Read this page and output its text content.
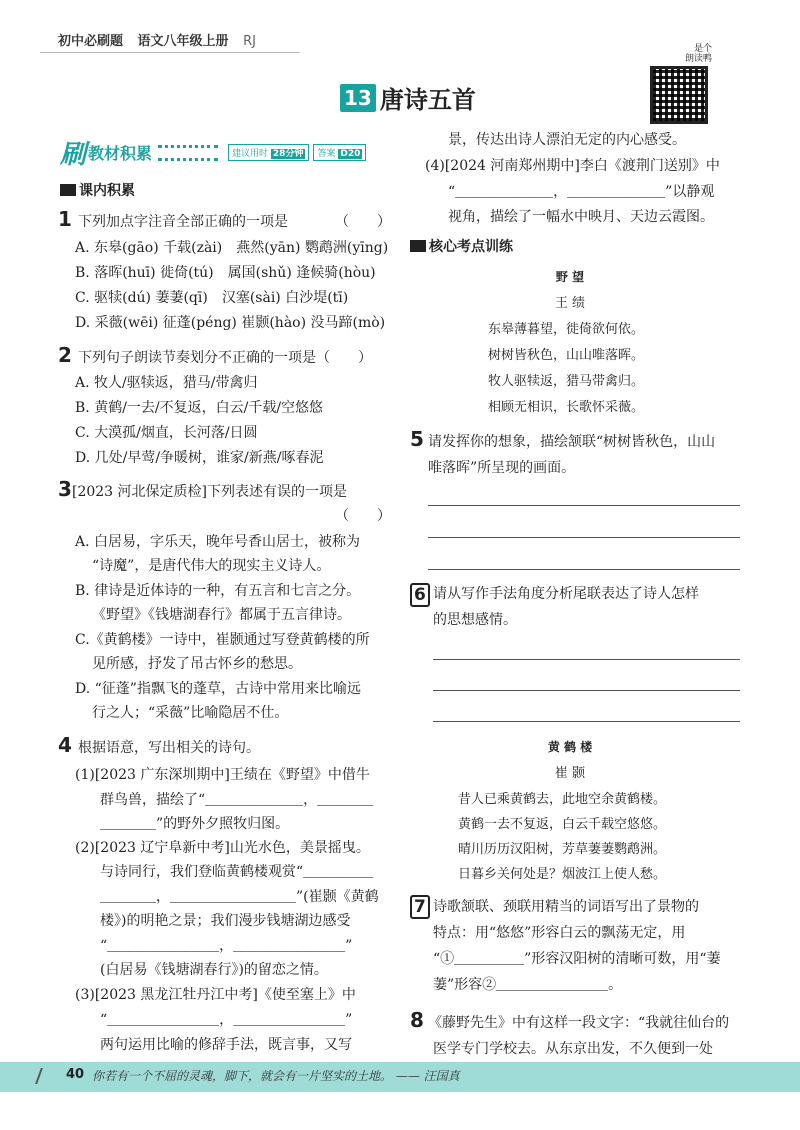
初中必刷题 语文八年级上册 RJ
13 唐诗五首
是个
朗读鸭
刷 教材积累	建议用时 28分钟	答案 D20
课内积累
1 下列加点字注音全部正确的一项是	（　　）
A. 东皋(gāo) 千载(zài)　燕然(yān) 鹦鹉洲(yīng)
B. 落晖(huī) 徙倚(tú)　属国(shǔ) 逢候骑(hòu)
C. 驱犊(dú) 萋萋(qī)　汉塞(sài) 白沙堤(tī)
D. 采薇(wēi) 征蓬(péng) 崔颢(hào) 没马蹄(mò)
2 下列句子朗读节奏划分不正确的一项是（　　）
A. 牧人/驱犊返，猎马/带禽归
B. 黄鹤/一去/不复返，白云/千载/空悠悠
C. 大漠孤/烟直，长河落/日圆
D. 几处/早莺/争暖树，谁家/新燕/啄春泥
3 [2023 河北保定质检]下列表述有误的一项是
（　　）
A. 白居易，字乐天，晚年号香山居士，被称为
“诗魔”，是唐代伟大的现实主义诗人。
B. 律诗是近体诗的一种，有五言和七言之分。
《野望》《钱塘湖春行》都属于五言律诗。
C.《黄鹤楼》一诗中，崔颢通过写登黄鹤楼的所
见所感，抒发了吊古怀乡的愁思。
D. “征蓬”指飘飞的蓬草，古诗中常用来比喻远
行之人；“采薇”比喻隐居不仕。
4 根据语意，写出相关的诗句。
(1)[2023 广东深圳期中]王绩在《野望》中借牛
群鸟兽，描绘了“＿＿＿＿＿＿＿，＿＿＿＿
＿＿＿＿”的野外夕照牧归图。
(2)[2023 辽宁阜新中考]山光水色，美景摇曳。
与诗同行，我们登临黄鹤楼观赏“＿＿＿＿＿
＿＿＿＿，＿＿＿＿＿＿＿＿＿”(崔颢《黄鹤
楼》)的明艳之景；我们漫步钱塘湖边感受
“＿＿＿＿＿＿＿＿，＿＿＿＿＿＿＿＿”
(白居易《钱塘湖春行》)的留恋之情。
(3)[2023 黑龙江牡丹江中考]《使至塞上》中
“＿＿＿＿＿＿＿＿，＿＿＿＿＿＿＿＿”
两句运用比喻的修辞手法，既言事，又写
景，传达出诗人漂泊无定的内心感受。
(4)[2024 河南郑州期中]李白《渡荆门送别》中
“＿＿＿＿＿＿＿，＿＿＿＿＿＿＿”以静观
视角，描绘了一幅水中映月、天边云霞图。
核心考点训练
野 望
王 绩
东皋薄暮望，徙倚欲何依。
树树皆秋色，山山唯落晖。
牧人驱犊返，猎马带禽归。
相顾无相识，长歌怀采薇。
5 请发挥你的想象，描绘颔联“树树皆秋色，山山
唯落晖”所呈现的画面。
6 请从写作手法角度分析尾联表达了诗人怎样
的思想感情。
黄 鹤 楼
崔 颢
昔人已乘黄鹤去，此地空余黄鹤楼。
黄鹤一去不复返，白云千载空悠悠。
晴川历历汉阳树，芳草萋萋鹦鹉洲。
日暮乡关何处是？烟波江上使人愁。
7 诗歌颔联、颈联用精当的词语写出了景物的
特点：用“悠悠”形容白云的飘荡无定，用
“①＿＿＿＿＿”形容汉阳树的清晰可数，用“萋
萋”形容②＿＿＿＿＿＿＿＿。
8 《藤野先生》中有这样一段文字：“我就往仙台的
医学专门学校去。从东京出发，不久便到一处
40 你若有一个不屈的灵魂，脚下，就会有一片坚实的土地。 —— 汪国真
